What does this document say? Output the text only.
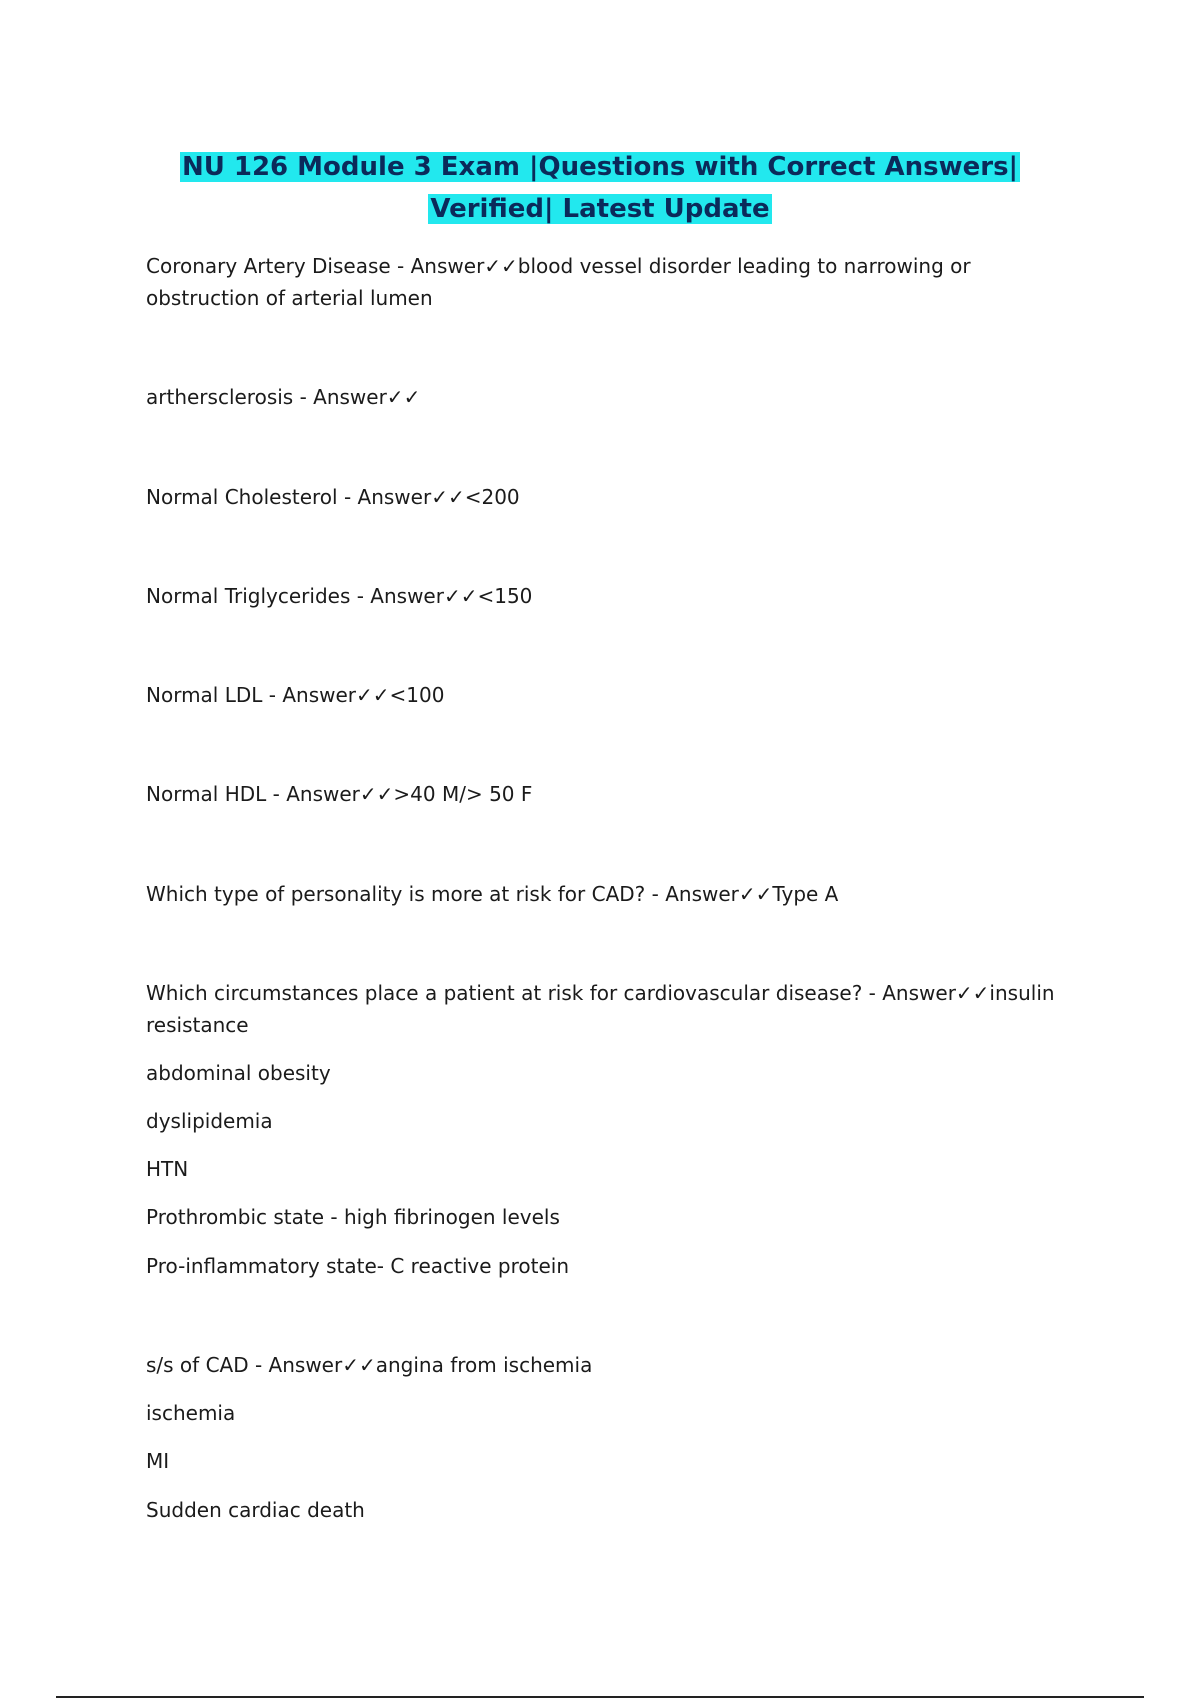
NU 126 Module 3 Exam |Questions with Correct Answers|
Verified| Latest Update
Coronary Artery Disease - Answer✓✓blood vessel disorder leading to narrowing or
obstruction of arterial lumen
arthersclerosis - Answer✓✓
Normal Cholesterol - Answer✓✓<200
Normal Triglycerides - Answer✓✓<150
Normal LDL - Answer✓✓<100
Normal HDL - Answer✓✓>40 M/> 50 F
Which type of personality is more at risk for CAD? - Answer✓✓Type A
Which circumstances place a patient at risk for cardiovascular disease? - Answer✓✓insulin
resistance
abdominal obesity
dyslipidemia
HTN
Prothrombic state - high fibrinogen levels
Pro-inflammatory state- C reactive protein
s/s of CAD - Answer✓✓angina from ischemia
ischemia
MI
Sudden cardiac death
